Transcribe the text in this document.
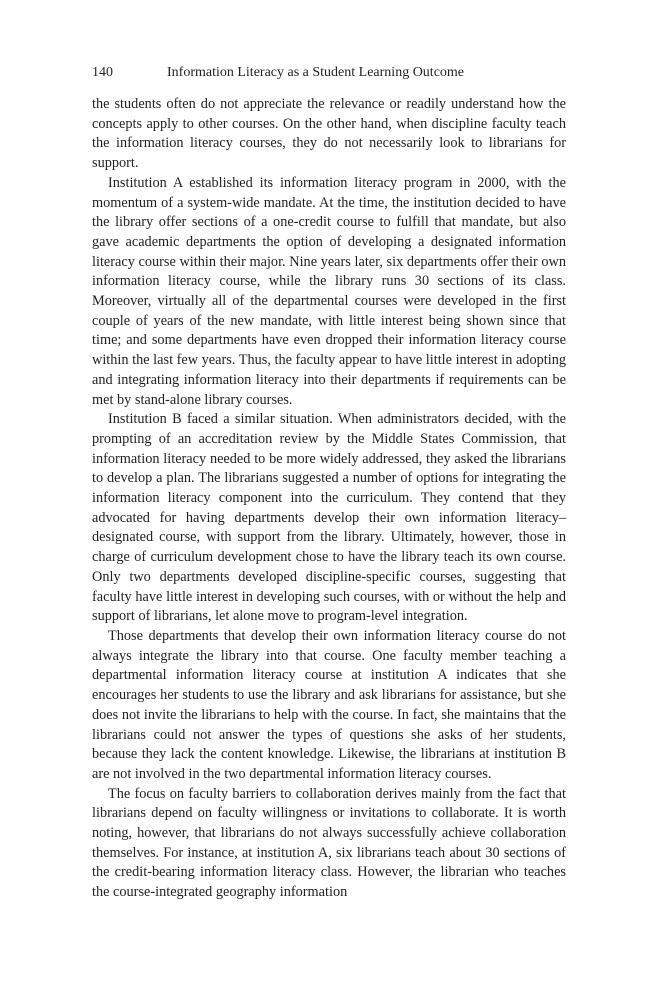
140	Information Literacy as a Student Learning Outcome

the students often do not appreciate the relevance or readily understand how the concepts apply to other courses. On the other hand, when discipline faculty teach the information literacy courses, they do not necessarily look to librarians for support.

Institution A established its information literacy program in 2000, with the momentum of a system-wide mandate. At the time, the institution decided to have the library offer sections of a one-credit course to fulfill that mandate, but also gave academic departments the option of developing a designated information literacy course within their major. Nine years later, six departments offer their own information literacy course, while the library runs 30 sections of its class. Moreover, virtually all of the departmental courses were developed in the first couple of years of the new mandate, with little interest being shown since that time; and some departments have even dropped their information literacy course within the last few years. Thus, the faculty appear to have little interest in adopting and integrating information literacy into their departments if requirements can be met by stand-alone library courses.

Institution B faced a similar situation. When administrators decided, with the prompting of an accreditation review by the Middle States Commission, that information literacy needed to be more widely addressed, they asked the librarians to develop a plan. The librarians suggested a number of options for integrating the information literacy component into the curriculum. They contend that they advocated for having departments develop their own information literacy–designated course, with support from the library. Ultimately, however, those in charge of curriculum development chose to have the library teach its own course. Only two departments developed discipline-specific courses, suggesting that faculty have little interest in developing such courses, with or without the help and support of librarians, let alone move to program-level integration.

Those departments that develop their own information literacy course do not always integrate the library into that course. One faculty member teaching a departmental information literacy course at institution A indicates that she encourages her students to use the library and ask librarians for assistance, but she does not invite the librarians to help with the course. In fact, she maintains that the librarians could not answer the types of questions she asks of her students, because they lack the content knowledge. Likewise, the librarians at institution B are not involved in the two departmental information literacy courses.

The focus on faculty barriers to collaboration derives mainly from the fact that librarians depend on faculty willingness or invitations to collaborate. It is worth noting, however, that librarians do not always successfully achieve collaboration themselves. For instance, at institution A, six librarians teach about 30 sections of the credit-bearing information literacy class. However, the librarian who teaches the course-integrated geography information
